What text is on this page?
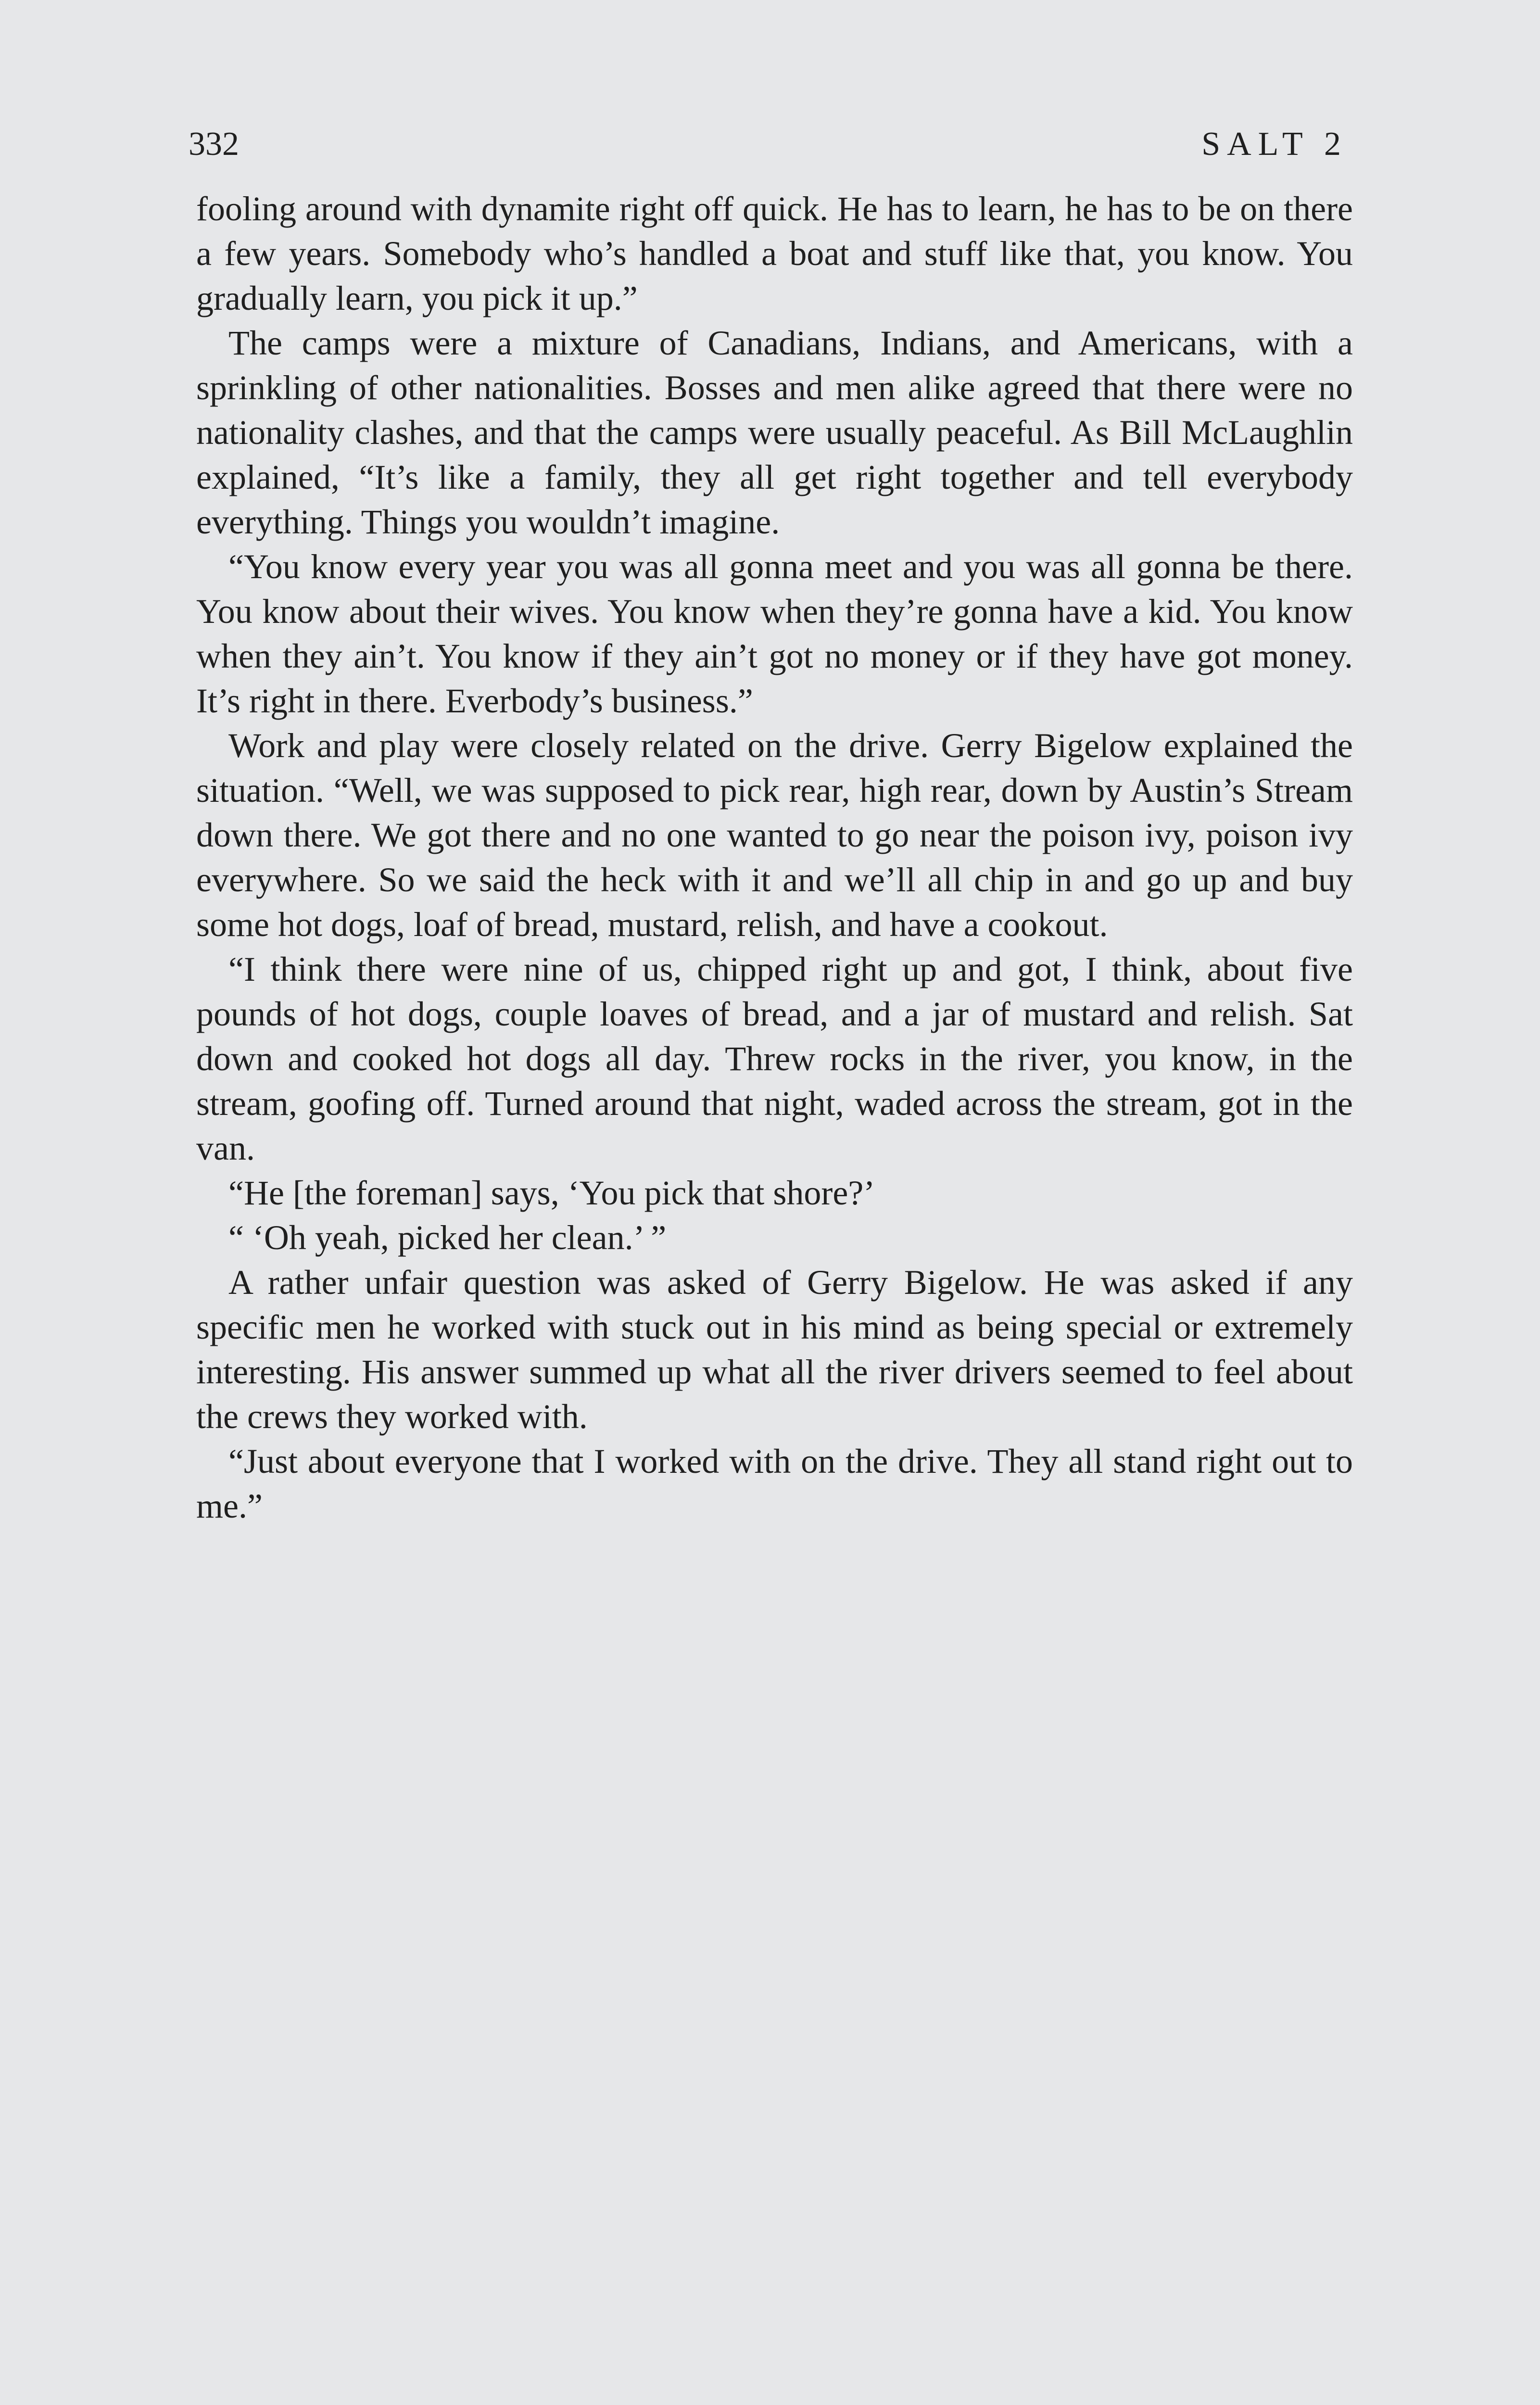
332	SALT 2

fooling around with dynamite right off quick. He has to learn, he has to be on there a few years. Somebody who’s handled a boat and stuff like that, you know. You gradually learn, you pick it up.”

The camps were a mixture of Canadians, Indians, and Americans, with a sprinkling of other nationalities. Bosses and men alike agreed that there were no nationality clashes, and that the camps were usually peaceful. As Bill McLaughlin explained, “It’s like a family, they all get right together and tell everybody everything. Things you wouldn’t imagine.

“You know every year you was all gonna meet and you was all gonna be there. You know about their wives. You know when they’re gonna have a kid. You know when they ain’t. You know if they ain’t got no money or if they have got money. It’s right in there. Everbody’s business.”

Work and play were closely related on the drive. Gerry Bigelow explained the situation. “Well, we was supposed to pick rear, high rear, down by Austin’s Stream down there. We got there and no one wanted to go near the poison ivy, poison ivy everywhere. So we said the heck with it and we’ll all chip in and go up and buy some hot dogs, loaf of bread, mustard, relish, and have a cookout.

“I think there were nine of us, chipped right up and got, I think, about five pounds of hot dogs, couple loaves of bread, and a jar of mustard and relish. Sat down and cooked hot dogs all day. Threw rocks in the river, you know, in the stream, goofing off. Turned around that night, waded across the stream, got in the van.

“He [the foreman] says, ‘You pick that shore?’

“ ‘Oh yeah, picked her clean.’ ”

A rather unfair question was asked of Gerry Bigelow. He was asked if any specific men he worked with stuck out in his mind as being special or extremely interesting. His answer summed up what all the river drivers seemed to feel about the crews they worked with.

“Just about everyone that I worked with on the drive. They all stand right out to me.”
